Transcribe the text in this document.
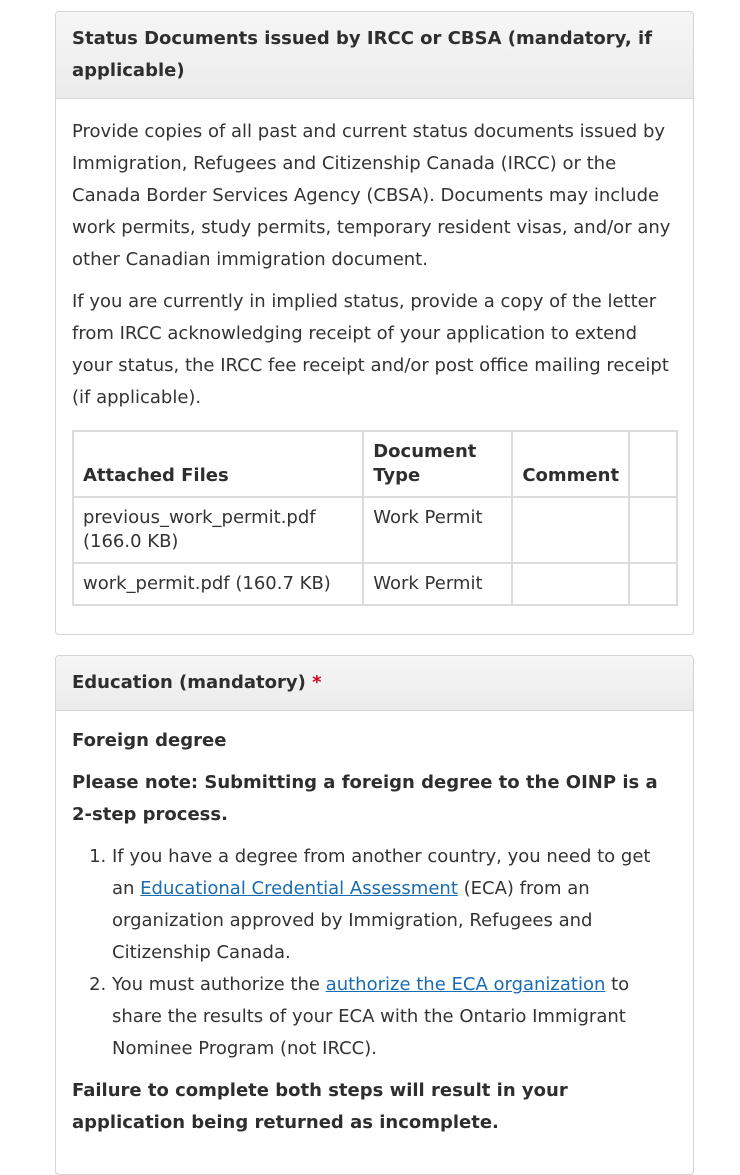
Status Documents issued by IRCC or CBSA (mandatory, if applicable)

Provide copies of all past and current status documents issued by Immigration, Refugees and Citizenship Canada (IRCC) or the Canada Border Services Agency (CBSA). Documents may include work permits, study permits, temporary resident visas, and/or any other Canadian immigration document.

If you are currently in implied status, provide a copy of the letter from IRCC acknowledging receipt of your application to extend your status, the IRCC fee receipt and/or post office mailing receipt (if applicable).

Attached Files	Document Type	Comment	
previous_work_permit.pdf (166.0 KB)	Work Permit		
work_permit.pdf (160.7 KB)	Work Permit		
Education (mandatory) *

Foreign degree

Please note: Submitting a foreign degree to the OINP is a 2-step process.

1. If you have a degree from another country, you need to get an Educational Credential Assessment (ECA) from an organization approved by Immigration, Refugees and Citizenship Canada.
2. You must authorize the authorize the ECA organization to share the results of your ECA with the Ontario Immigrant Nominee Program (not IRCC).

Failure to complete both steps will result in your application being returned as incomplete.
